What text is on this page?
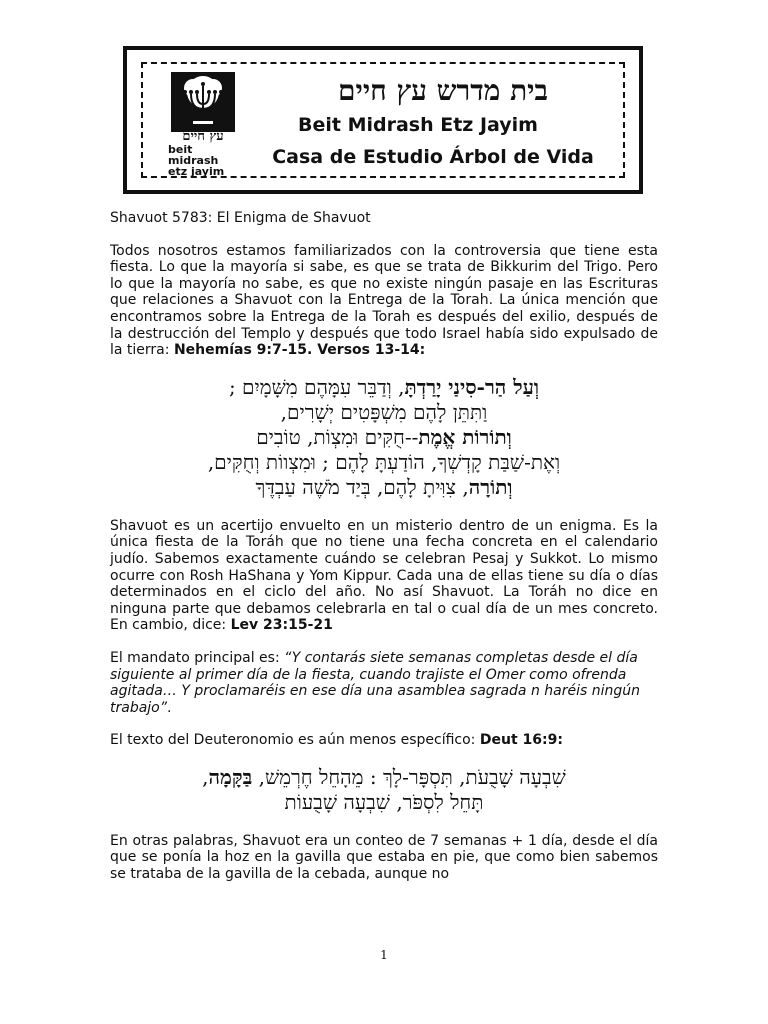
עץ חיים
beit midrash
etz jayim
בית מדרש עץ חיים
Beit Midrash Etz Jayim
Casa de Estudio Árbol de Vida
Shavuot 5783: El Enigma de Shavuot

Todos nosotros estamos familiarizados con la controversia que tiene esta fiesta. Lo que la mayoría si sabe, es que se trata de Bikkurim del Trigo. Pero lo que la mayoría no sabe, es que no existe ningún pasaje en las Escrituras que relaciones a Shavuot con la Entrega de la Torah. La única mención que encontramos sobre la Entrega de la Torah es después del exilio, después de la destrucción del Templo y después que todo Israel había sido expulsado de la tierra: Nehemías 9:7-15. Versos 13-14:

וְעַל הַר-סִינַי יָרַדְתָּ, וְדַבֵּר עִמָּהֶם מִשָּׁמָיִם ;
וַתִּתֵּן לָהֶם מִשְׁפָּטִים יְשָׁרִים,
וְתוֹרוֹת אֱמֶת--חֻקִּים וּמִצְוֹת, טוֹבִים
וְאֶת-שַׁבַּת קָדְשְׁךָ, הוֹדַעְתָּ לָהֶם ; וּמִצְווֹת וְחֻקִּים,
וְתוֹרָה, צִוִּיתָ לָהֶם, בְּיַד מֹשֶׁה עַבְדֶּךָ

Shavuot es un acertijo envuelto en un misterio dentro de un enigma. Es la única fiesta de la Toráh que no tiene una fecha concreta en el calendario judío. Sabemos exactamente cuándo se celebran Pesaj y Sukkot. Lo mismo ocurre con Rosh HaShana y Yom Kippur. Cada una de ellas tiene su día o días determinados en el ciclo del año. No así Shavuot. La Toráh no dice en ninguna parte que debamos celebrarla en tal o cual día de un mes concreto. En cambio, dice: Lev 23:15-21

El mandato principal es: “Y contarás siete semanas completas desde el día siguiente al primer día de la fiesta, cuando trajiste el Omer como ofrenda agitada… Y proclamaréis en ese día una asamblea sagrada n haréis ningún trabajo”.

El texto del Deuteronomio es aún menos específico: Deut 16:9:

שִׁבְעָה שָׁבֻעֹת, תִּסְפָּר-לָךְ : מֵהָחֵל חֶרְמֵשׁ, בַּקָּמָה,
תָּחֵל לִסְפֹּר, שִׁבְעָה שָׁבֻעוֹת

En otras palabras, Shavuot era un conteo de 7 semanas + 1 día, desde el día que se ponía la hoz en la gavilla que estaba en pie, que como bien sabemos se trataba de la gavilla de la cebada, aunque no

1
